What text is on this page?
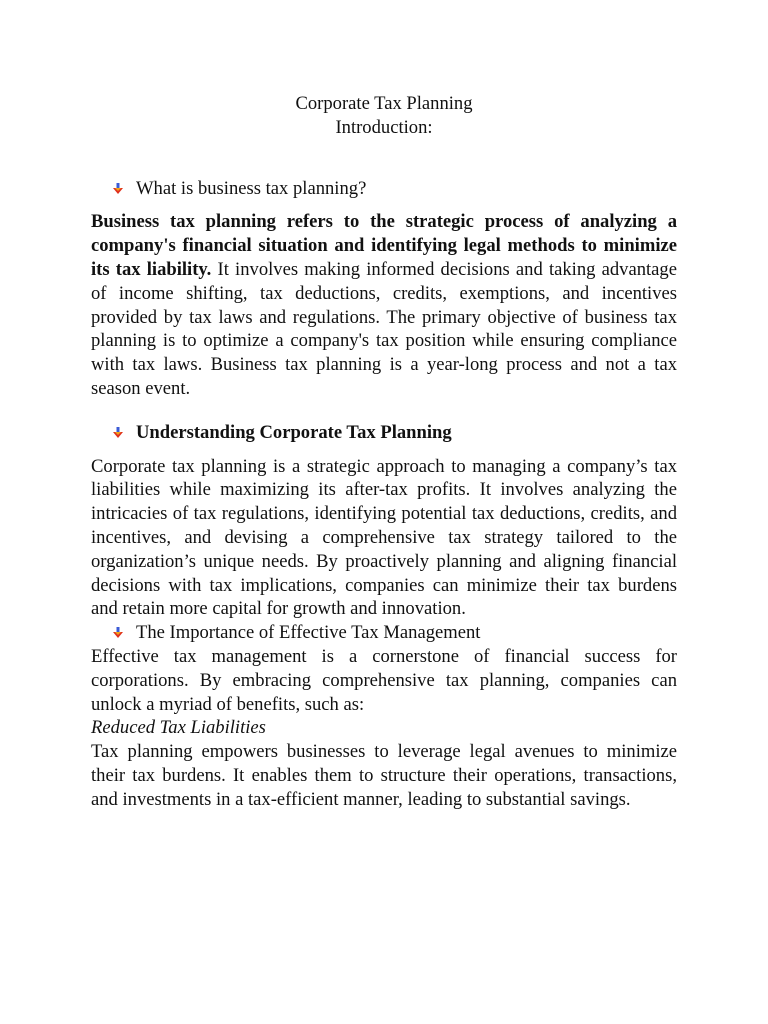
Corporate Tax Planning

Introduction:

What is business tax planning?

Business tax planning refers to the strategic process of analyzing a company's financial situation and identifying legal methods to minimize its tax liability. It involves making informed decisions and taking advantage of income shifting, tax deductions, credits, exemptions, and incentives provided by tax laws and regulations. The primary objective of business tax planning is to optimize a company's tax position while ensuring compliance with tax laws. Business tax planning is a year-long process and not a tax season event.

Understanding Corporate Tax Planning

Corporate tax planning is a strategic approach to managing a company’s tax liabilities while maximizing its after-tax profits. It involves analyzing the intricacies of tax regulations, identifying potential tax deductions, credits, and incentives, and devising a comprehensive tax strategy tailored to the organization’s unique needs. By proactively planning and aligning financial decisions with tax implications, companies can minimize their tax burdens and retain more capital for growth and innovation.

The Importance of Effective Tax Management

Effective tax management is a cornerstone of financial success for corporations. By embracing comprehensive tax planning, companies can unlock a myriad of benefits, such as:

Reduced Tax Liabilities

Tax planning empowers businesses to leverage legal avenues to minimize their tax burdens. It enables them to structure their operations, transactions, and investments in a tax-efficient manner, leading to substantial savings.
